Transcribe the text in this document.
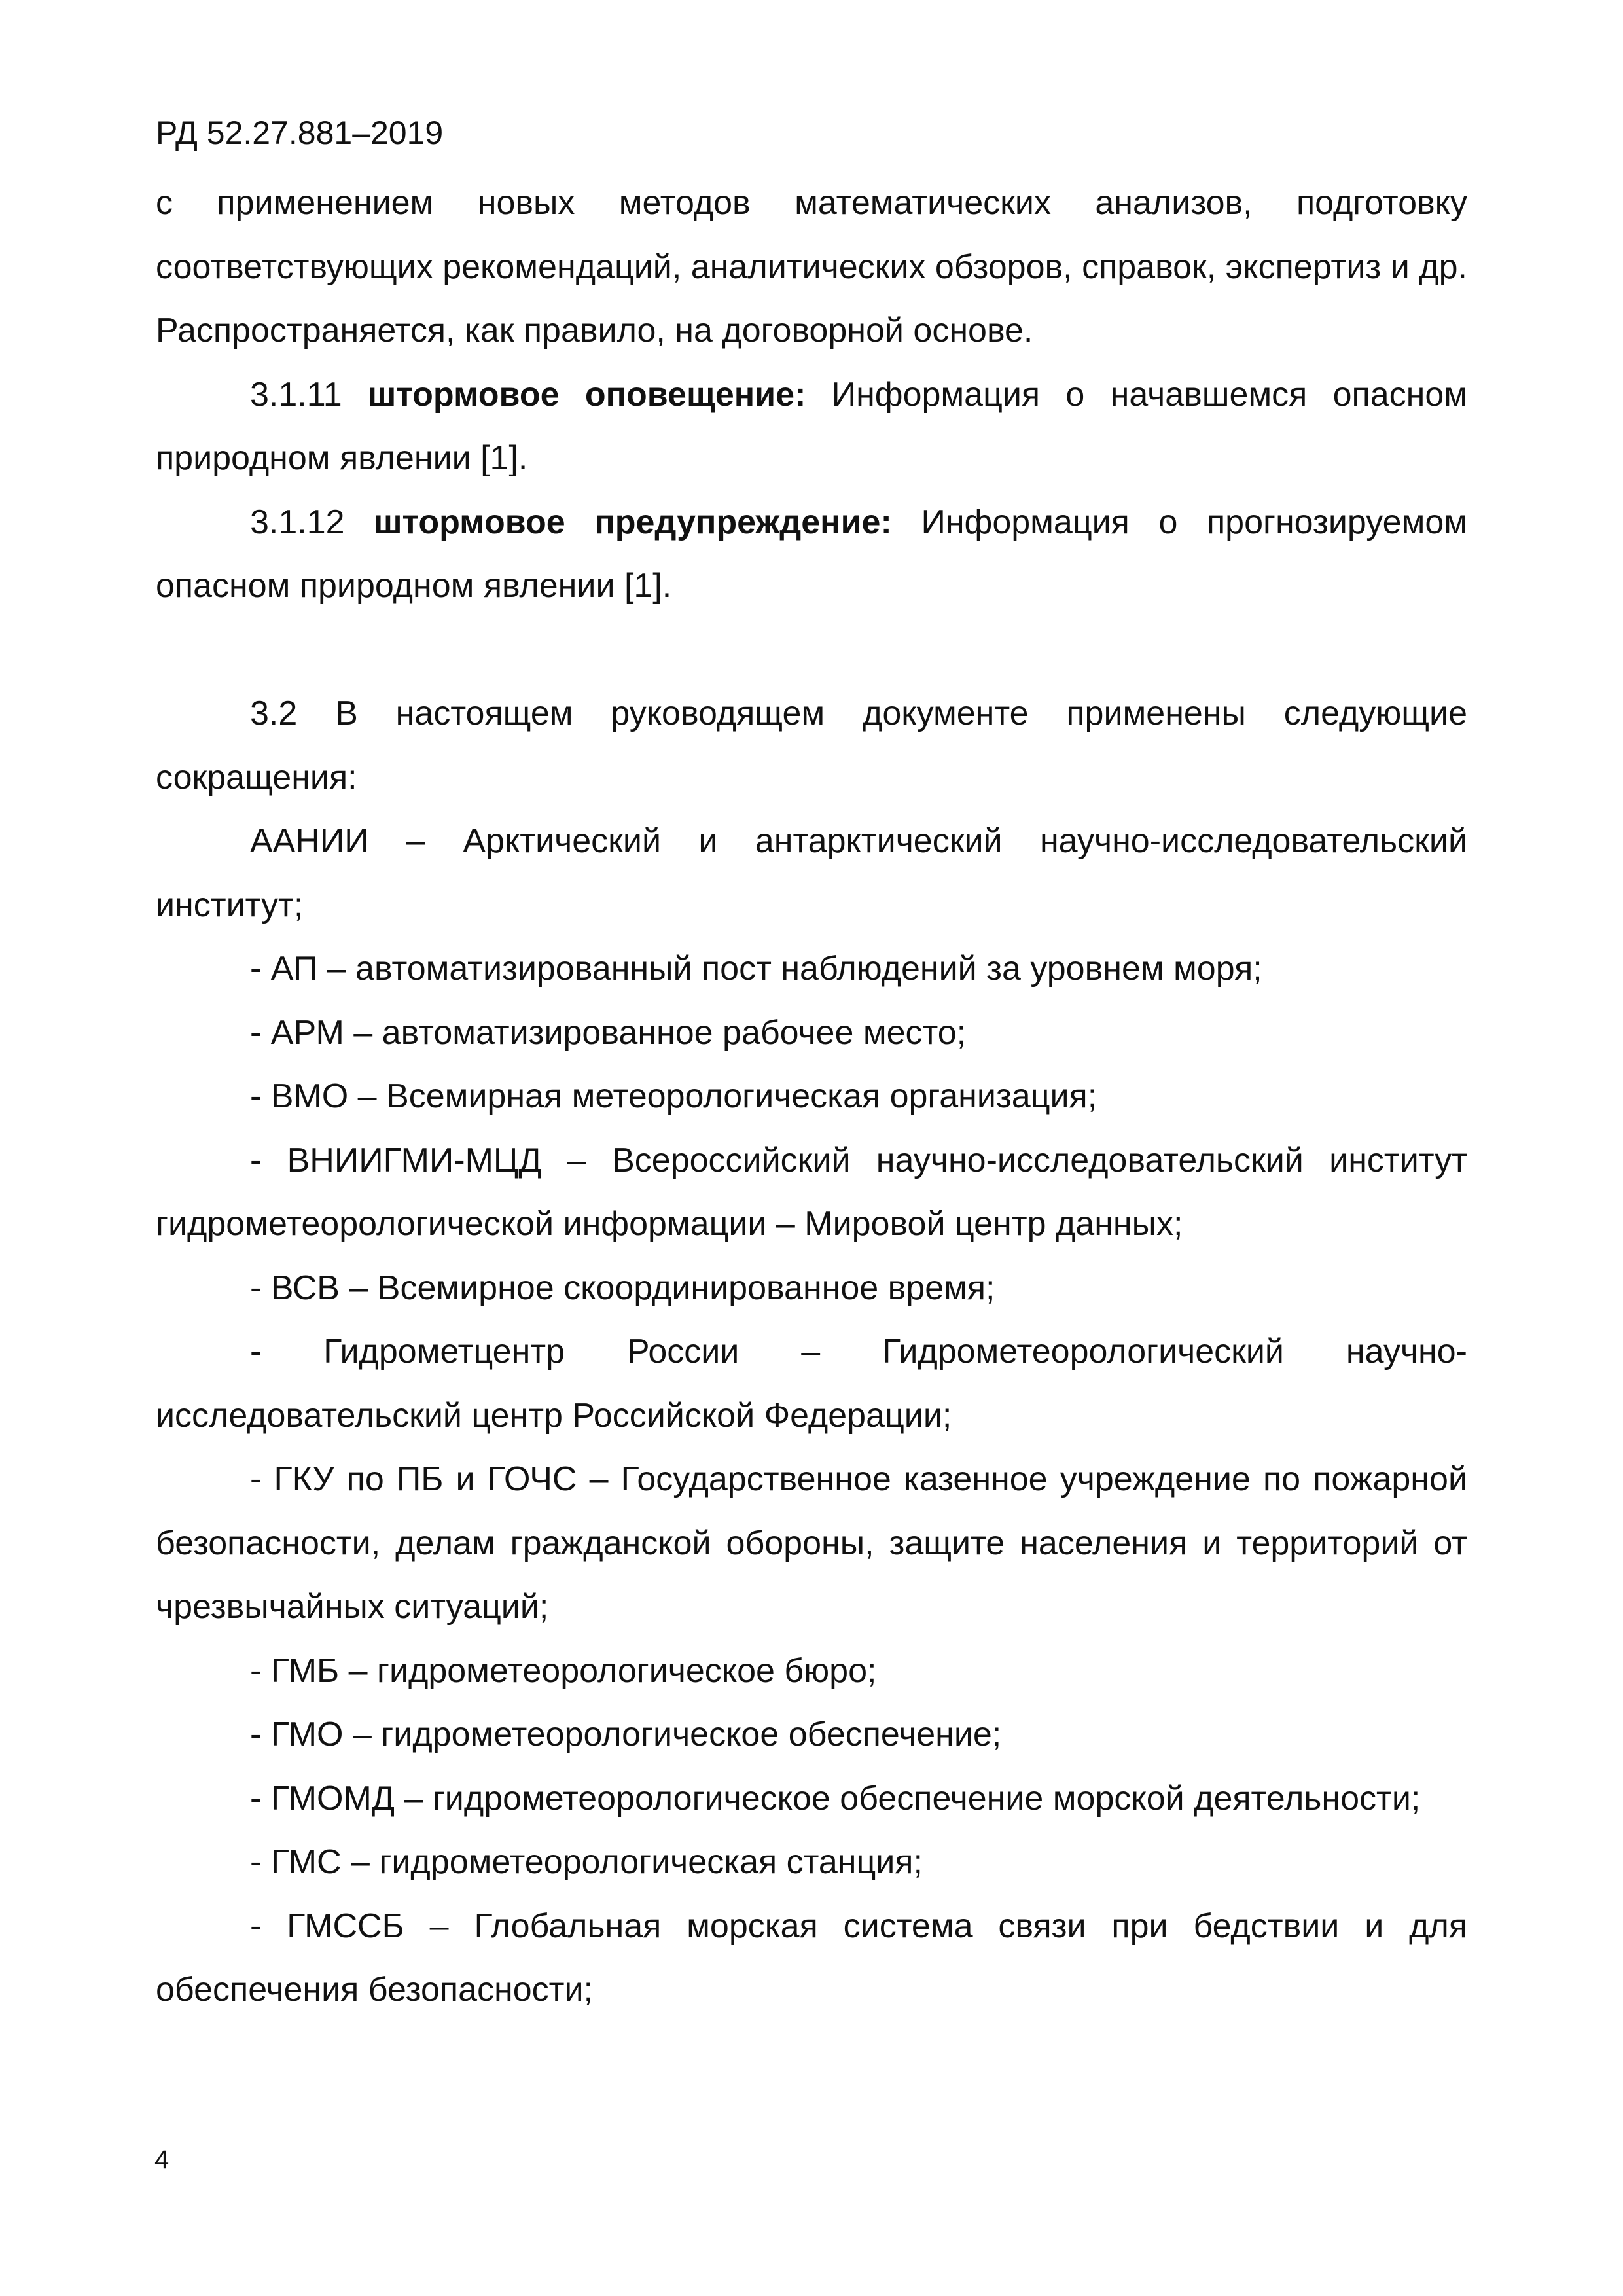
РД 52.27.881–2019

с применением новых методов математических анализов, подготовку соответствующих рекомендаций, аналитических обзоров, справок, экспертиз и др. Распространяется, как правило, на договорной основе.

3.1.11 штормовое оповещение: Информация о начавшемся опасном природном явлении [1].

3.1.12 штормовое предупреждение: Информация о прогнозируемом опасном природном явлении [1].

3.2 В настоящем руководящем документе применены следующие сокращения:

ААНИИ – Арктический и антарктический научно-исследовательский институт;

- АП – автоматизированный пост наблюдений за уровнем моря;

- АРМ – автоматизированное рабочее место;

- ВМО – Всемирная метеорологическая организация;

- ВНИИГМИ-МЦД – Всероссийский научно-исследовательский институт гидрометеорологической информации – Мировой центр данных;

- ВСВ – Всемирное скоординированное время;

- Гидрометцентр России – Гидрометеорологический научно-исследовательский центр Российской Федерации;

- ГКУ по ПБ и ГОЧС – Государственное казенное учреждение по пожарной безопасности, делам гражданской обороны, защите населения и территорий от чрезвычайных ситуаций;

- ГМБ – гидрометеорологическое бюро;

- ГМО – гидрометеорологическое обеспечение;

- ГМОМД – гидрометеорологическое обеспечение морской деятельности;

- ГМС – гидрометеорологическая станция;

- ГМССБ – Глобальная морская система связи при бедствии и для обеспечения безопасности;

4
